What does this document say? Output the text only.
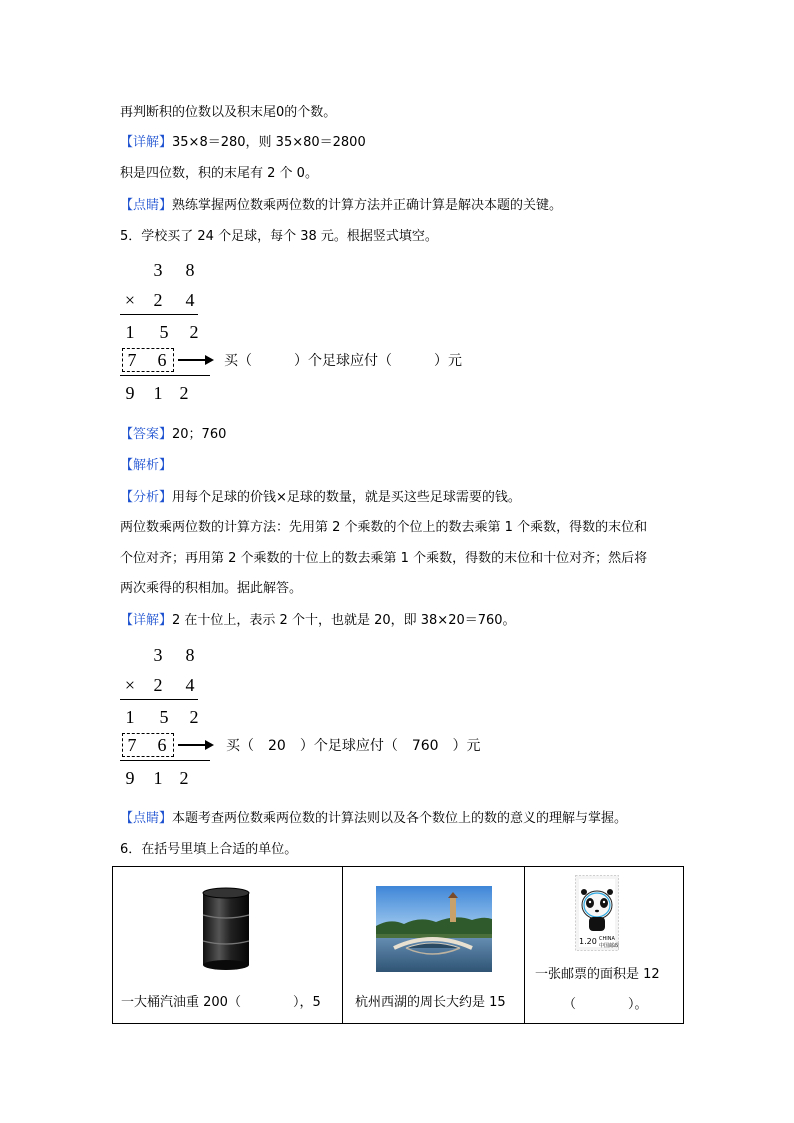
再判断积的位数以及积末尾0的个数。
【详解】35×8＝280，则 35×80＝2800
积是四位数，积的末尾有 2 个 0。
【点睛】熟练掌握两位数乘两位数的计算方法并正确计算是解决本题的关键。
5．学校买了 24 个足球，每个 38 元。根据竖式填空。
3 8
× 2 4
1 5 2
7 6	买（　　　）个足球应付（　　　）元
9 1 2
【答案】20；760
【解析】
【分析】用每个足球的价钱×足球的数量，就是买这些足球需要的钱。
两位数乘两位数的计算方法：先用第 2 个乘数的个位上的数去乘第 1 个乘数，得数的末位和
个位对齐；再用第 2 个乘数的十位上的数去乘第 1 个乘数，得数的末位和十位对齐；然后将
两次乘得的积相加。据此解答。
【详解】2 在十位上，表示 2 个十，也就是 20，即 38×20＝760。
3 8
× 2 4
1 5 2
7 6	买（　20　）个足球应付（　760　）元
9 1 2
【点睛】本题考查两位数乘两位数的计算法则以及各个数位上的数的意义的理解与掌握。
6．在括号里填上合适的单位。
一大桶汽油重 200（　　　　），5	杭州西湖的周长大约是 15
1.20 CHINA
中国邮政
一张邮票的面积是 12
（　　　　）。
